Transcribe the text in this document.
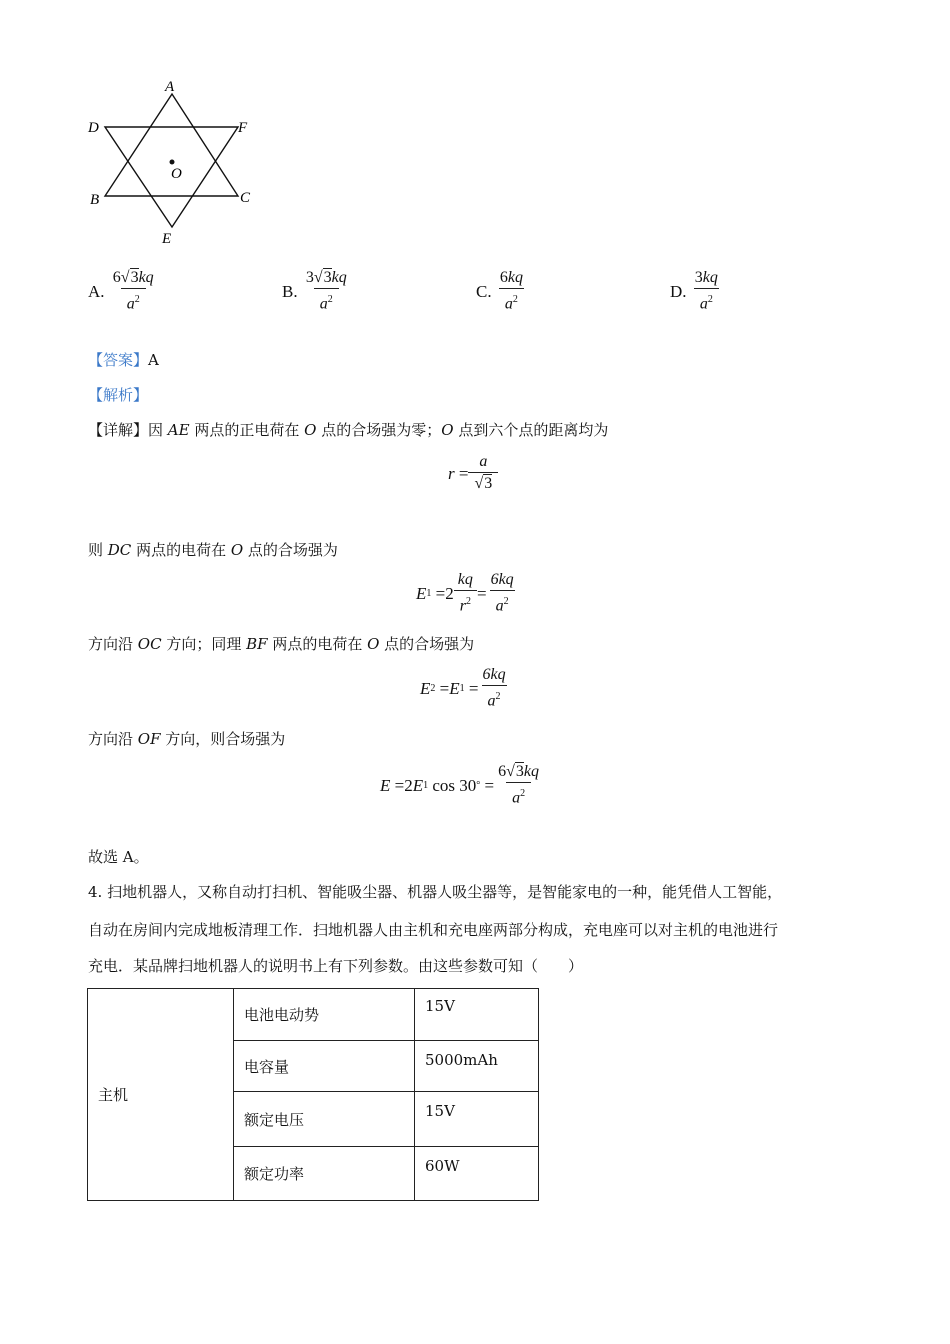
A
D	F
O
B	C
E
A.
$\frac{6√3kq}{a^2}$	B.
$\frac{3√3kq}{a^2}$	C.
$\frac{6kq}{a^2}$	D.
$\frac{3kq}{a^2}$
【答案】A
【解析】
【详解】因 AE 两点的正电荷在 O 点的合场强为零；O 点到六个点的距离均为
r
= $\frac{a}{√3}$
则 DC 两点的电荷在 O 点的合场强为
E 1
= $2 \frac{kq}{r^2} = \frac{6kq}{a^2}$
方向沿 OC 方向；同理 BF 两点的电荷在 O 点的合场强为
E 2
= E 1
= $\frac{6kq}{a^2}$
方向沿 OF 方向，则合场强为
E
= 2 E 1
cos 30 °
= $\frac{6√3kq}{a^2}$
故选 A。
4. 扫地机器人，又称自动打扫机、智能吸尘器、机器人吸尘器等，是智能家电的一种，能凭借人工智能，
自动在房间内完成地板清理工作．扫地机器人由主机和充电座两部分构成，充电座可以对主机的电池进行
充电．某品牌扫地机器人的说明书上有下列参数。由这些参数可知（　　）
主机	电池电动势	15V
	电容量	5000mAh
	额定电压	15V
	额定功率	60W
